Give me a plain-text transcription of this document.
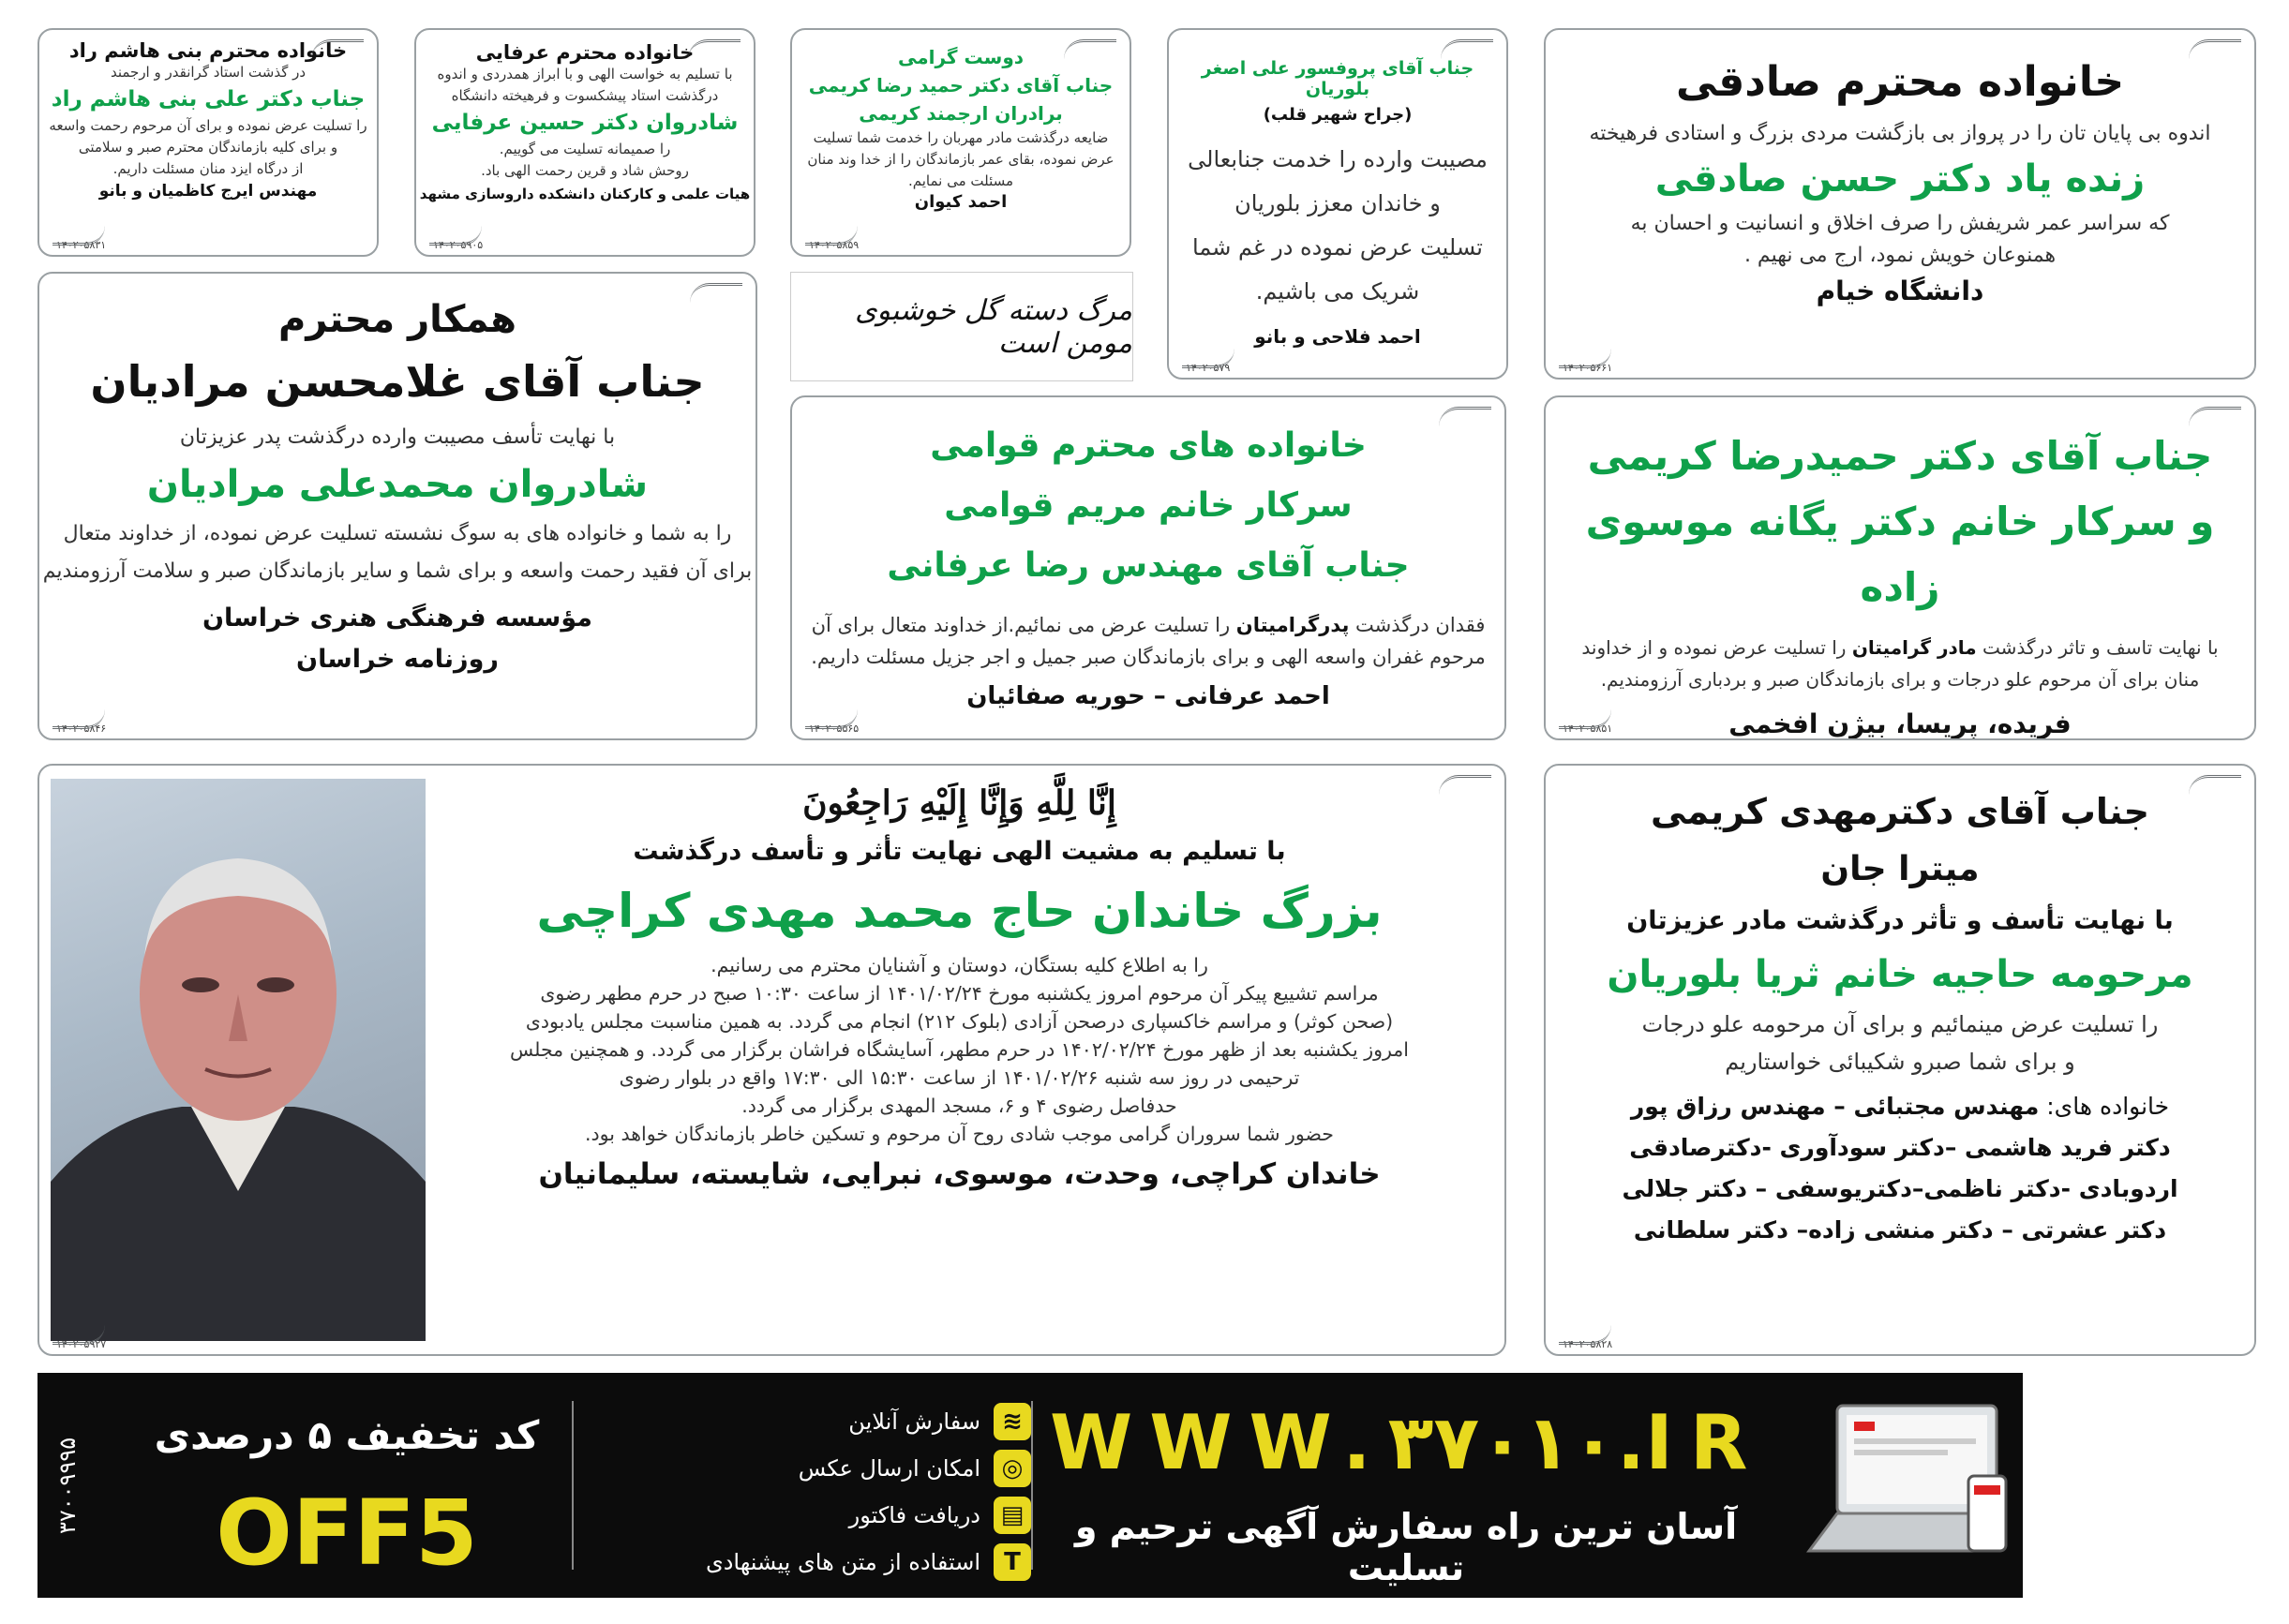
خانواده محترم بنی هاشم راد
در گذشت استاد گرانقدر و ارجمند
جناب دکتر علی بنی هاشم راد
را تسلیت عرض نموده و برای آن مرحوم رحمت واسعه
و برای کلیه بازماندگان محترم صبر و سلامتی
از درگاه ایزد منان مسئلت داریم.
مهندس ایرج کاظمیان و بانو
۱۴۰۲۰۵۸۳۱
خانواده محترم عرفایی
با تسلیم به خواست الهی و با ابراز همدردی و اندوه
درگذشت استاد پیشکسوت و فرهیخته دانشگاه
شادروان دکتر حسین عرفایی
را صمیمانه تسلیت می گوییم.
روحش شاد و قرین رحمت الهی باد.
هیات علمی و کارکنان دانشکده داروسازی مشهد
۱۴۰۲۰۵۹۰۵
دوست گرامی
جناب آقای دکتر حمید رضا کریمی
برادران ارجمند کریمی
ضایعه درگذشت مادر مهربان را خدمت شما تسلیت
عرض نموده، بقای عمر بازماندگان را از خدا وند منان
مسئلت می نمایم.
احمد کیوان
۱۴۰۲۰۵۸۵۹
جناب آقای پروفسور علی اصغر بلوریان
(جراح شهیر قلب)
مصیبت وارده را خدمت جنابعالی
و خاندان معزز بلوریان
تسلیت عرض نموده در غم شما
شریک می باشیم.
احمد فلاحی و بانو
۱۴۰۲۰۵۷۹
خانواده محترم صادقی
اندوه بی پایان تان را در پرواز بی بازگشت مردی بزرگ و استادی فرهیخته
زنده یاد دکتر حسن صادقی
که سراسر عمر شریفش را صرف اخلاق و انسانیت و احسان به
همنوعان خویش نمود، ارج می نهیم .
دانشگاه خیام
۱۴۰۲۰۵۶۶۱
همکار محترم
جناب آقای غلامحسن مرادیان
با نهایت تأسف مصیبت وارده درگذشت پدر عزیزتان
شادروان محمدعلی مرادیان
را به شما و خانواده های به سوگ نشسته تسلیت عرض نموده، از خداوند متعال
برای آن فقید رحمت واسعه و برای شما و سایر بازماندگان صبر و سلامت آرزومندیم
مؤسسه فرهنگی هنری خراسان
روزنامه خراسان
۱۴۰۲۰۵۸۴۶
مرگ دسته گل خوشبوی مومن است
خانواده های محترم قوامی
سرکار خانم مریم قوامی
جناب آقای مهندس رضا عرفانی
فقدان درگذشت پدرگرامیتان را تسلیت عرض می نمائیم.از خداوند متعال برای آن
مرحوم غفران واسعه الهی و برای بازماندگان صبر جمیل و اجر جزیل مسئلت داریم.
احمد عرفانی – حوریه صفائیان
۱۴۰۲۰۵۵۶۵
جناب آقای دکتر حمیدرضا کریمی
و سرکار خانم دکتر یگانه موسوی زاده
با نهایت تاسف و تاثر درگذشت مادر گرامیتان را تسلیت عرض نموده و از خداوند
منان برای آن مرحوم علو درجات و برای بازماندگان صبر و بردباری آرزومندیم.
فریده، پریسا، بیژن افخمی
۱۴۰۲۰۵۸۵۱
إِنَّا لِلَّهِ وَإِنَّا إِلَيْهِ رَاجِعُونَ
با تسلیم به مشیت الهی نهایت تأثر و تأسف درگذشت
بزرگ خاندان حاج محمد مهدی کراچی
را به اطلاع کلیه بستگان، دوستان و آشنایان محترم می رسانیم.
مراسم تشییع پیکر آن مرحوم امروز یکشنبه مورخ ۱۴۰۱/۰۲/۲۴ از ساعت ۱۰:۳۰ صبح در حرم مطهر رضوی
(صحن کوثر) و مراسم خاکسپاری درصحن آزادی (بلوک ۲۱۲) انجام می گردد. به همین مناسبت مجلس یادبودی
امروز یکشنبه بعد از ظهر مورخ ۱۴۰۲/۰۲/۲۴ در حرم مطهر، آسایشگاه فراشان برگزار می گردد. و همچنین مجلس
ترحیمی در روز سه شنبه ۱۴۰۱/۰۲/۲۶ از ساعت ۱۵:۳۰ الی ۱۷:۳۰ واقع در بلوار رضوی
حدفاصل رضوی ۴ و ۶، مسجد المهدی برگزار می گردد.
حضور شما سروران گرامی موجب شادی روح آن مرحوم و تسکین خاطر بازماندگان خواهد بود.
خاندان کراچی، وحدت، موسوی، نبرایی، شایسته، سلیمانیان
۱۴۰۲۰۵۹۲۷
جناب آقای دکترمهدی کریمی
میترا جان
با نهایت تأسف و تأثر درگذشت مادر عزیزتان
مرحومه حاجیه خانم ثریا بلوریان
را تسلیت عرض مینمائیم و برای آن مرحومه علو درجات
و برای شما صبرو شکیبائی خواستاریم
خانواده های: مهندس مجتبائی – مهندس رزاق پور
دکتر فرید هاشمی –دکتر سودآوری -دکترصادقی
اردوبادی -دکتر ناظمی–دکتریوسفی – دکتر جلالی
دکتر عشرتی – دکتر منشی زاده– دکتر سلطانی
۱۴۰۲۰۵۸۲۸
۳۷۰۰۹۹۹۵
کد تخفیف ۵ درصدی
OFF5
≋
سفارش آنلاین
◎
امکان ارسال عکس
▤
دریافت فاکتور
T
استفاده از متن های پیشنهادی
WWW.۳۷۰۱۰.IR
آسان ترین راه سفارش آگهی ترحیم و تسلیت
